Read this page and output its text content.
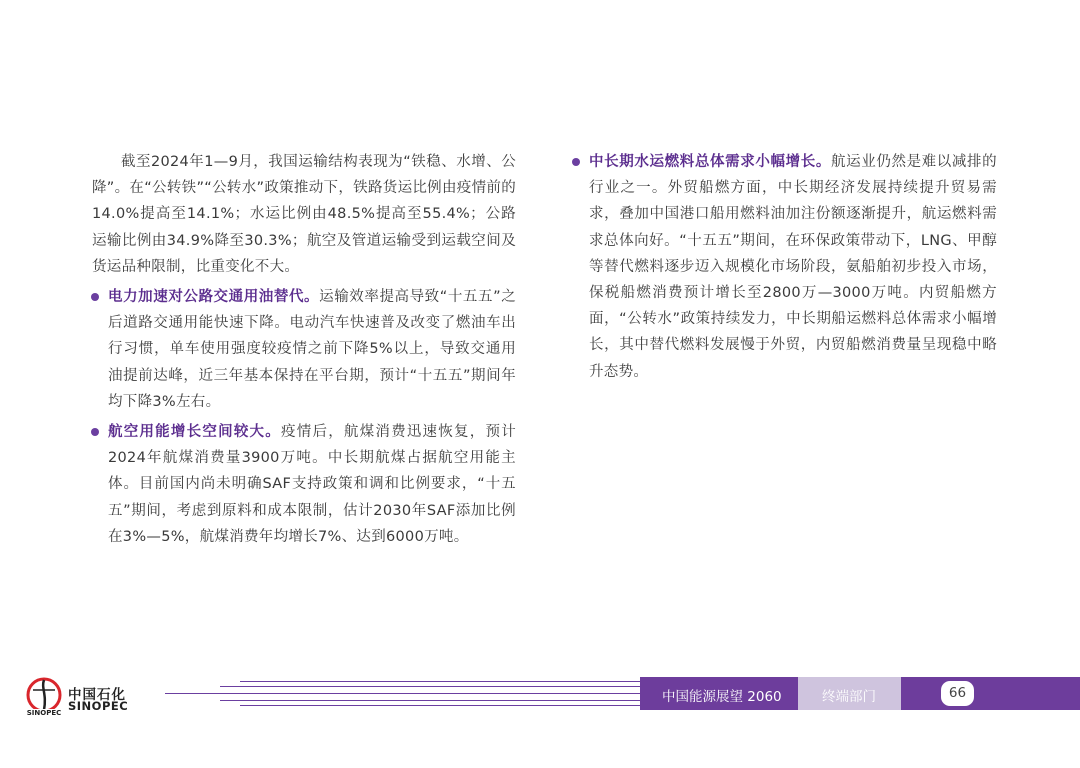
截至2024年1—9月，我国运输结构表现为“铁稳、水增、公降”。在“公转铁”“公转水”政策推动下，铁路货运比例由疫情前的14.0%提高至14.1%；水运比例由48.5%提高至55.4%；公路运输比例由34.9%降至30.3%；航空及管道运输受到运载空间及货运品种限制，比重变化不大。

电力加速对公路交通用油替代。运输效率提高导致“十五五”之后道路交通用能快速下降。电动汽车快速普及改变了燃油车出行习惯，单车使用强度较疫情之前下降5%以上，导致交通用油提前达峰，近三年基本保持在平台期，预计“十五五”期间年均下降3%左右。

航空用能增长空间较大。疫情后，航煤消费迅速恢复，预计2024年航煤消费量3900万吨。中长期航煤占据航空用能主体。目前国内尚未明确SAF支持政策和调和比例要求，“十五五”期间，考虑到原料和成本限制，估计2030年SAF添加比例在3%—5%，航煤消费年均增长7%、达到6000万吨。

中长期水运燃料总体需求小幅增长。航运业仍然是难以减排的行业之一。外贸船燃方面，中长期经济发展持续提升贸易需求，叠加中国港口船用燃料油加注份额逐渐提升，航运燃料需求总体向好。“十五五”期间，在环保政策带动下，LNG、甲醇等替代燃料逐步迈入规模化市场阶段，氨船舶初步投入市场，保税船燃消费预计增长至2800万—3000万吨。内贸船燃方面，“公转水”政策持续发力，中长期船运燃料总体需求小幅增长，其中替代燃料发展慢于外贸，内贸船燃消费量呈现稳中略升态势。

SINOPEC
中国石化
SINOPEC
中国能源展望 2060	终端部门	66
